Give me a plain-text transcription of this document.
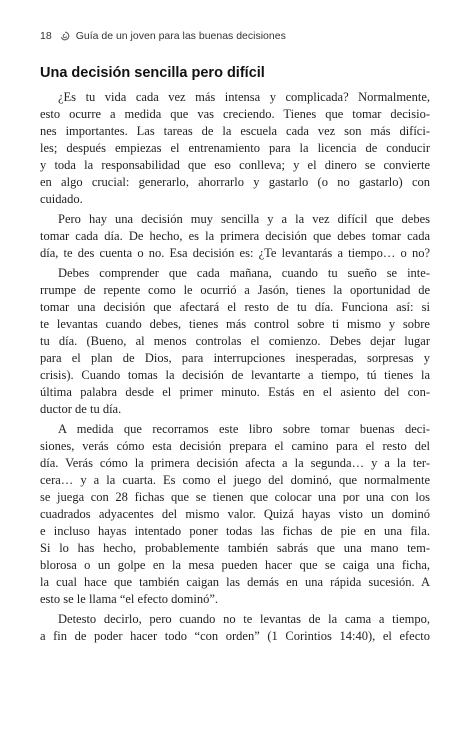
18 Guía de un joven para las buenas decisiones
Una decisión sencilla pero difícil
¿Es tu vida cada vez más intensa y complicada? Normalmente,
esto ocurre a medida que vas creciendo. Tienes que tomar decisio-
nes importantes. Las tareas de la escuela cada vez son más difíci-
les; después empiezas el entrenamiento para la licencia de conducir
y toda la responsabilidad que eso conlleva; y el dinero se convierte
en algo crucial: generarlo, ahorrarlo y gastarlo (o no gastarlo) con
cuidado.
Pero hay una decisión muy sencilla y a la vez difícil que debes
tomar cada día. De hecho, es la primera decisión que debes tomar cada
día, te des cuenta o no. Esa decisión es: ¿Te levantarás a tiempo… o no?
Debes comprender que cada mañana, cuando tu sueño se inte-
rrumpe de repente como le ocurrió a Jasón, tienes la oportunidad de
tomar una decisión que afectará el resto de tu día. Funciona así: si
te levantas cuando debes, tienes más control sobre ti mismo y sobre
tu día. (Bueno, al menos controlas el comienzo. Debes dejar lugar
para el plan de Dios, para interrupciones inesperadas, sorpresas y
crisis). Cuando tomas la decisión de levantarte a tiempo, tú tienes la
última palabra desde el primer minuto. Estás en el asiento del con-
ductor de tu día.
A medida que recorramos este libro sobre tomar buenas deci-
siones, verás cómo esta decisión prepara el camino para el resto del
día. Verás cómo la primera decisión afecta a la segunda… y a la ter-
cera… y a la cuarta. Es como el juego del dominó, que normalmente
se juega con 28 fichas que se tienen que colocar una por una con los
cuadrados adyacentes del mismo valor. Quizá hayas visto un dominó
e incluso hayas intentado poner todas las fichas de pie en una fila.
Si lo has hecho, probablemente también sabrás que una mano tem-
blorosa o un golpe en la mesa pueden hacer que se caiga una ficha,
la cual hace que también caigan las demás en una rápida sucesión. A
esto se le llama “el efecto dominó”.
Detesto decirlo, pero cuando no te levantas de la cama a tiempo,
a fin de poder hacer todo “con orden” (1 Corintios 14:40), el efecto
